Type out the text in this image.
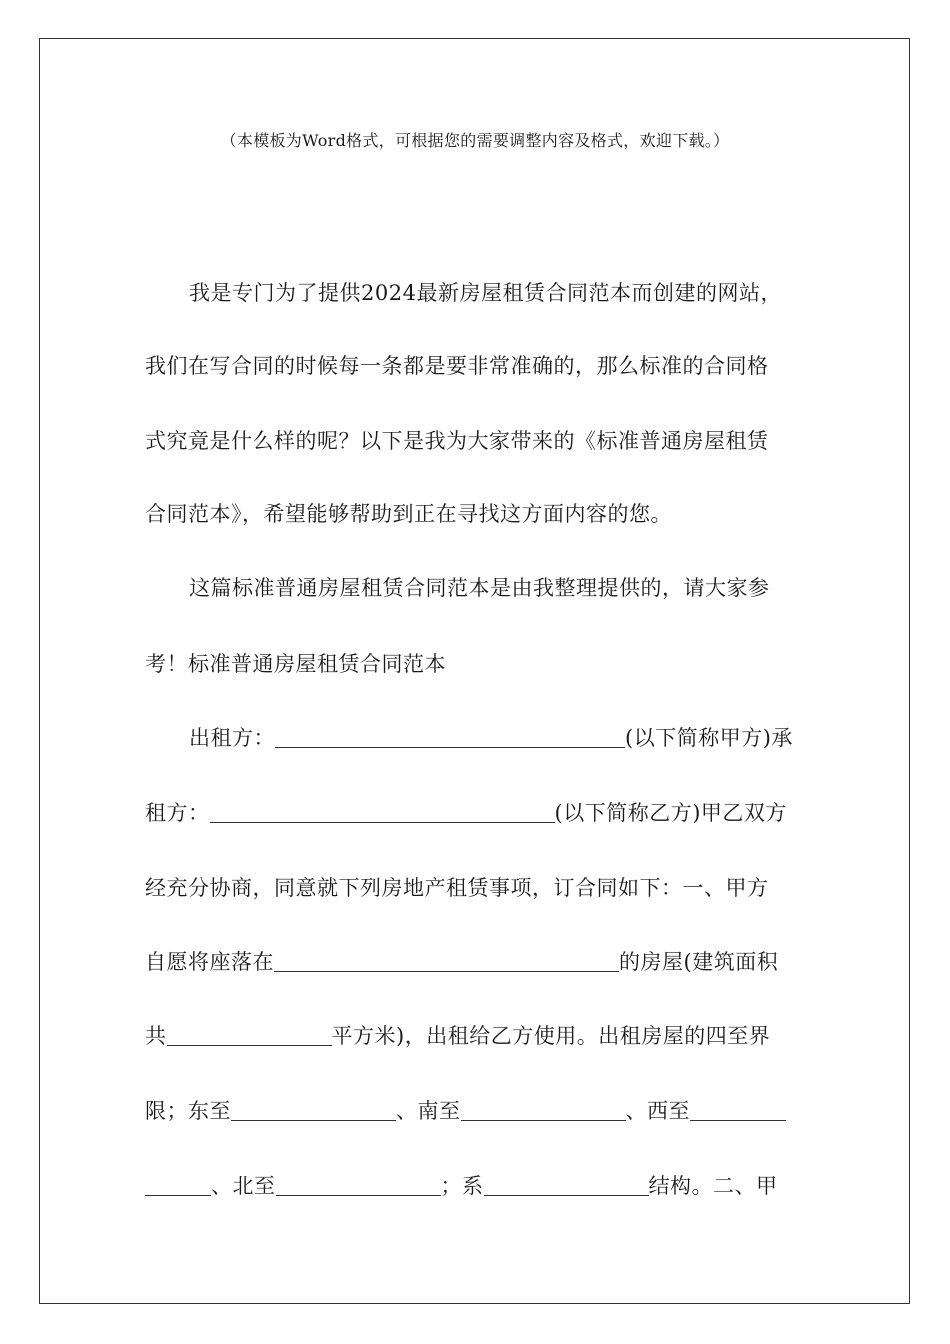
（本模板为Word格式，可根据您的需要调整内容及格式，欢迎下载。）
我是专门为了提供2024最新房屋租赁合同范本而创建的网站，
我们在写合同的时候每一条都是要非常准确的，那么标准的合同格
式究竟是什么样的呢？以下是我为大家带来的《标准普通房屋租赁
合同范本》，希望能够帮助到正在寻找这方面内容的您。
这篇标准普通房屋租赁合同范本是由我整理提供的，请大家参
考！标准普通房屋租赁合同范本
出租方：	(以下简称甲方)承
租方：	(以下简称乙方)甲乙双方
经充分协商，同意就下列房地产租赁事项，订合同如下：一、甲方
自愿将座落在	的房屋(建筑面积
共	平方米)，出租给乙方使用。出租房屋的四至界
限；东至	、南至	、西至
、北至	；系	结构。二、甲
